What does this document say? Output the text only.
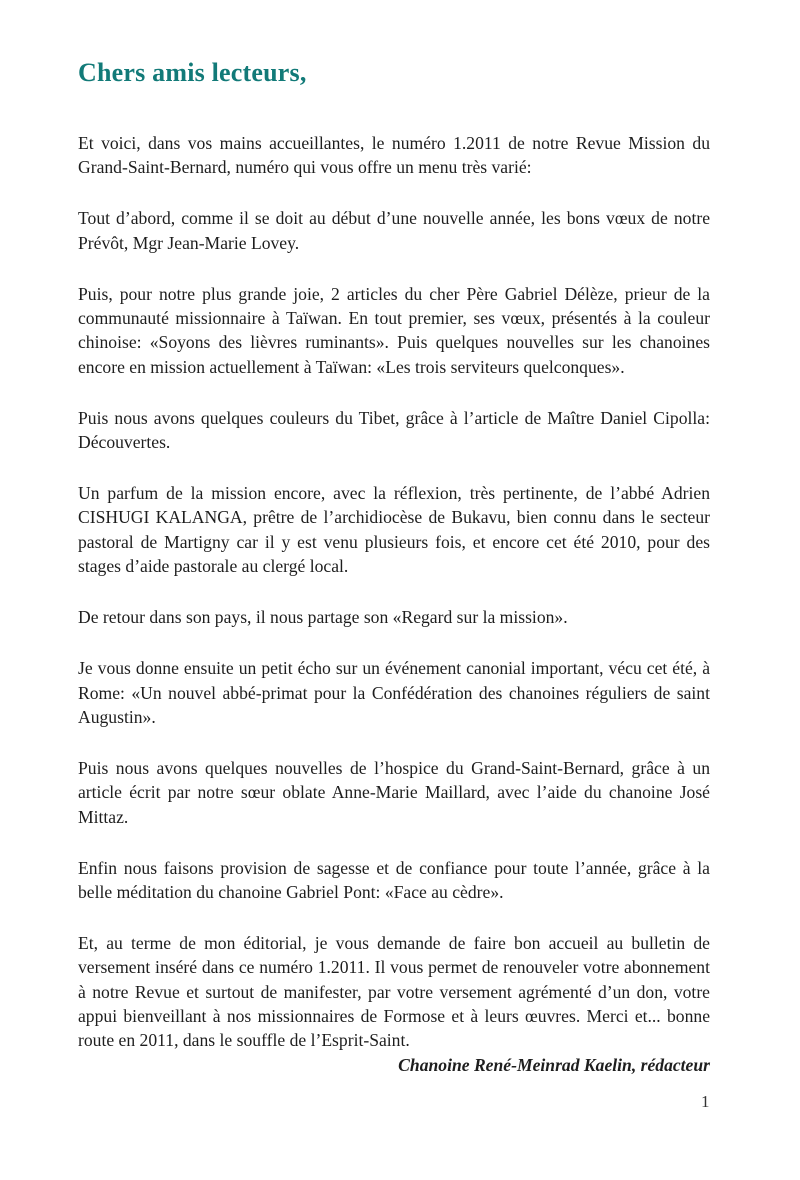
Chers amis lecteurs,

Et voici, dans vos mains accueillantes, le numéro 1.2011 de notre Revue Mission du Grand-Saint-Bernard, numéro qui vous offre un menu très varié:

Tout d’abord, comme il se doit au début d’une nouvelle année, les bons vœux de notre Prévôt, Mgr Jean-Marie Lovey.

Puis, pour notre plus grande joie, 2 articles du cher Père Gabriel Délèze, prieur de la communauté missionnaire à Taïwan. En tout premier, ses vœux, présentés à la couleur chinoise: «Soyons des lièvres ruminants». Puis quelques nouvelles sur les chanoines encore en mission actuellement à Taïwan: «Les trois serviteurs quelconques».

Puis nous avons quelques couleurs du Tibet, grâce à l’article de Maître Daniel Cipolla: Découvertes.

Un parfum de la mission encore, avec la réflexion, très pertinente, de l’abbé Adrien CISHUGI KALANGA, prêtre de l’archidiocèse de Bukavu, bien connu dans le secteur pastoral de Martigny car il y est venu plusieurs fois, et encore cet été 2010, pour des stages d’aide pastorale au clergé local.

De retour dans son pays, il nous partage son «Regard sur la mission».

Je vous donne ensuite un petit écho sur un événement canonial important, vécu cet été, à Rome: «Un nouvel abbé-primat pour la Confédération des chanoines réguliers de saint Augustin».

Puis nous avons quelques nouvelles de l’hospice du Grand-Saint-Bernard, grâce à un article écrit par notre sœur oblate Anne-Marie Maillard, avec l’aide du chanoine José Mittaz.

Enfin nous faisons provision de sagesse et de confiance pour toute l’année, grâce à la belle méditation du chanoine Gabriel Pont: «Face au cèdre».

Et, au terme de mon éditorial, je vous demande de faire bon accueil au bulletin de versement inséré dans ce numéro 1.2011. Il vous permet de renouveler votre abonnement à notre Revue et surtout de manifester, par votre versement agrémenté d’un don, votre appui bienveillant à nos missionnaires de Formose et à leurs œuvres. Merci et... bonne route en 2011, dans le souffle de l’Esprit-Saint.

Chanoine René-Meinrad Kaelin, rédacteur

1
